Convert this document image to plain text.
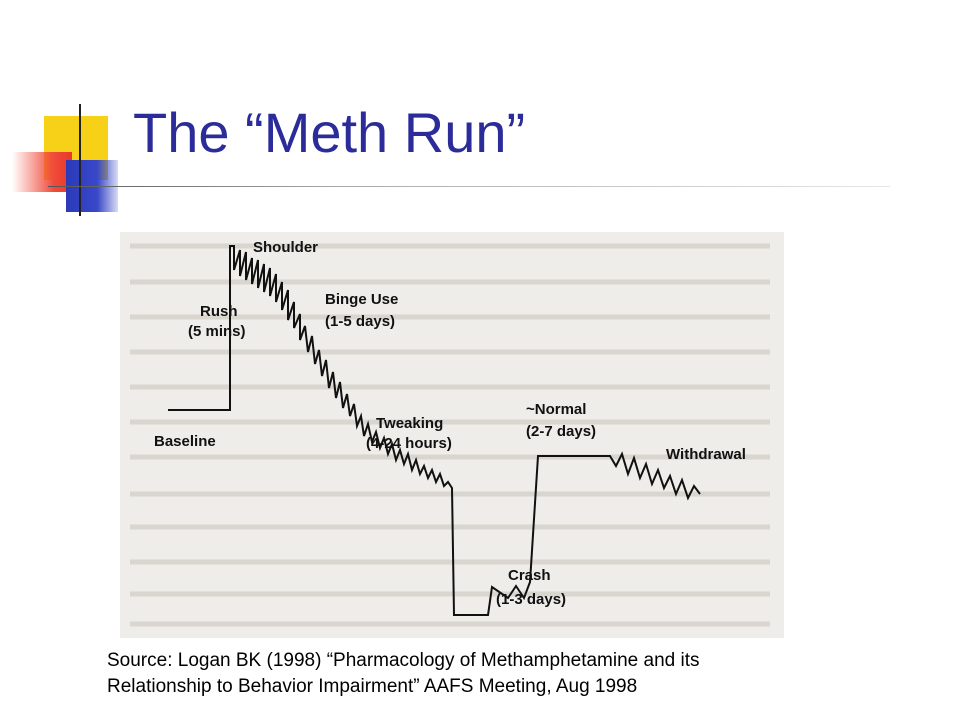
The “Meth Run”
Shoulder
Rush
(5 mins)
Binge Use
(1-5 days)
Baseline
Tweaking
(4-24 hours)
~Normal
(2-7 days)
Withdrawal
Crash
(1-3 days)

Source: Logan BK (1998) “Pharmacology of Methamphetamine and its
Relationship to Behavior Impairment” AAFS Meeting, Aug 1998
